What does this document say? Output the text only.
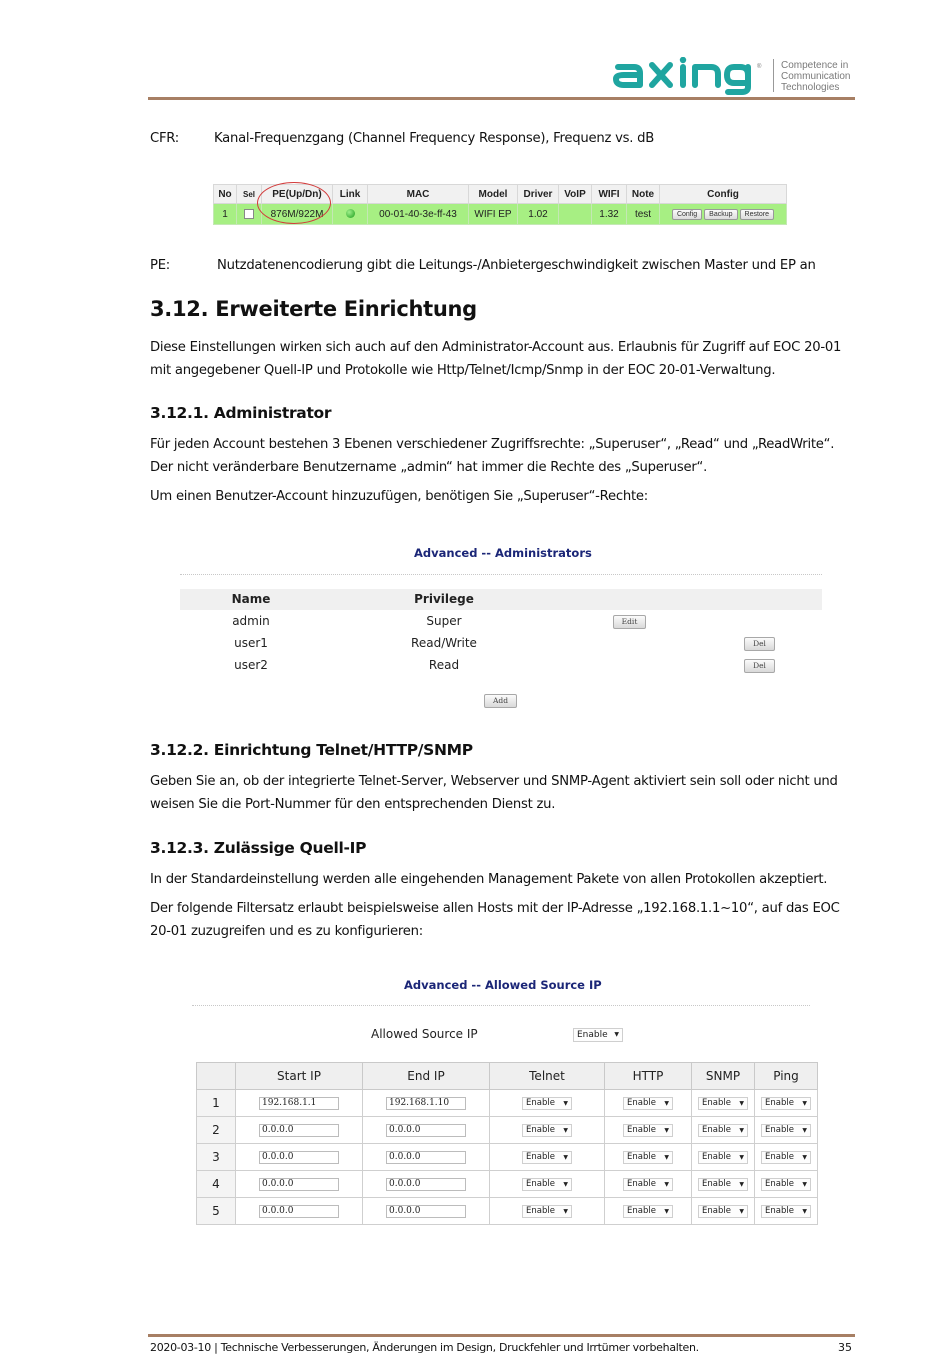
® Competence in
Communication
Technologies
CFR:	Kanal-Frequenzgang (Channel Frequency Response), Frequenz vs. dB
No	Sel	PE(Up/Dn)	Link	MAC	Model	Driver	VoIP	WIFI	Note	Config
1		876M/922M		00-01-40-3e-ff-43	WIFI EP	1.02		1.32	test	Config Backup Restore
PE:	Nutzdatenencodierung gibt die Leitungs-/Anbietergeschwindigkeit zwischen Master und EP an
3.12. Erweiterte Einrichtung

Diese Einstellungen wirken sich auch auf den Administrator-Account aus. Erlaubnis für Zugriff auf EOC 20-01
mit angegebener Quell-IP und Protokolle wie Http/Telnet/Icmp/Snmp in der EOC 20-01-Verwaltung.

3.12.1. Administrator

Für jeden Account bestehen 3 Ebenen verschiedener Zugriffsrechte: „Superuser“, „Read“ und „ReadWrite“.
Der nicht veränderbare Benutzername „admin“ hat immer die Rechte des „Superuser“.

Um einen Benutzer-Account hinzuzufügen, benötigen Sie „Superuser“-Rechte:

Advanced -- Administrators
Name	Privilege
admin	Super	Edit
user1	Read/Write	Del
user2	Read	Del
Add
3.12.2. Einrichtung Telnet/HTTP/SNMP

Geben Sie an, ob der integrierte Telnet-Server, Webserver und SNMP-Agent aktiviert sein soll oder nicht und
weisen Sie die Port-Nummer für den entsprechenden Dienst zu.

3.12.3. Zulässige Quell-IP

In der Standardeinstellung werden alle eingehenden Management Pakete von allen Protokollen akzeptiert.

Der folgende Filtersatz erlaubt beispielsweise allen Hosts mit der IP-Adresse „192.168.1.1~10“, auf das EOC
20-01 zuzugreifen und es zu konfigurieren:

Advanced -- Allowed Source IP
Allowed Source IP	Enable ▼
	Start IP	End IP	Telnet	HTTP	SNMP	Ping
1	192.168.1.1	192.168.1.10	Enable ▼	Enable ▼	Enable ▼	Enable ▼

2	0.0.0.0	0.0.0.0	Enable ▼	Enable ▼	Enable ▼	Enable ▼

3	0.0.0.0	0.0.0.0	Enable ▼	Enable ▼	Enable ▼	Enable ▼

4	0.0.0.0	0.0.0.0	Enable ▼	Enable ▼	Enable ▼	Enable ▼

5	0.0.0.0	0.0.0.0	Enable ▼	Enable ▼	Enable ▼	Enable ▼
2020-03-10 | Technische Verbesserungen, Änderungen im Design, Druckfehler und Irrtümer vorbehalten.	35
